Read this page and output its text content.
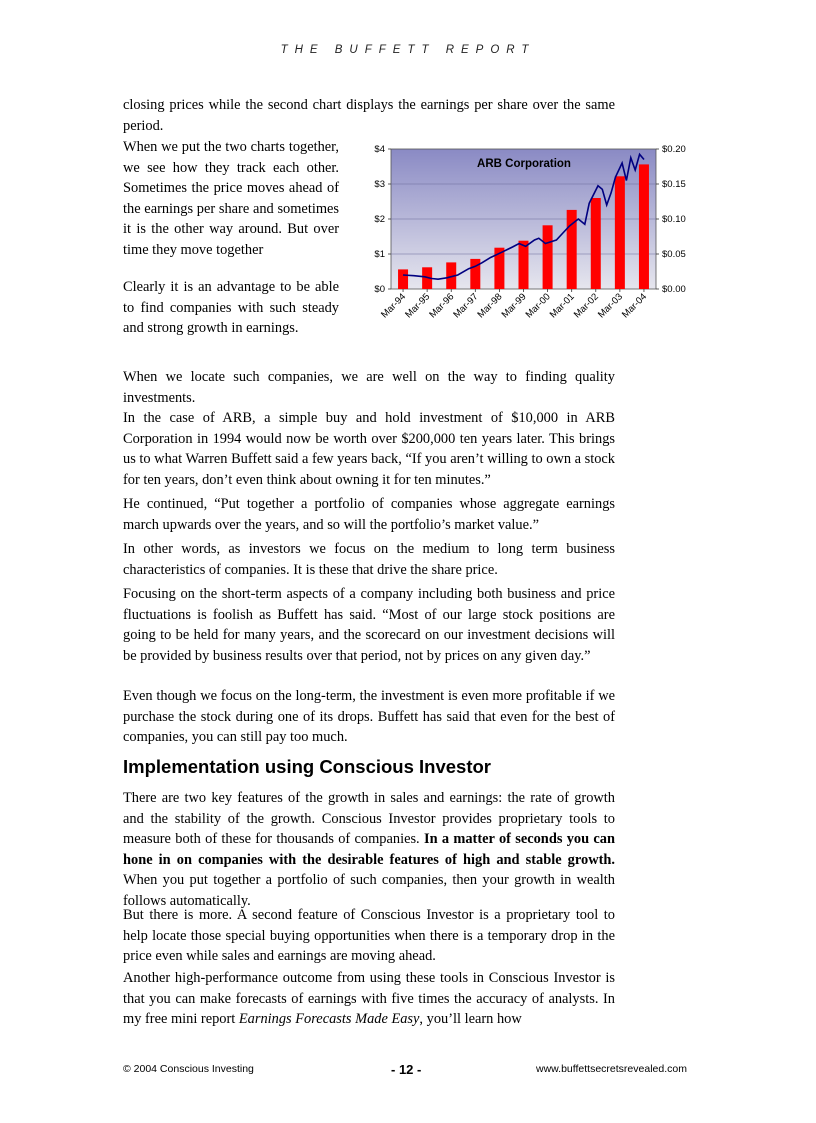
THE BUFFETT REPORT

closing prices while the second chart displays the earnings per share over the same period.

When we put the two charts together, we see how they track each other. Sometimes the price moves ahead of the earnings per share and sometimes it is the other way around. But over time they move together

Clearly it is an advantage to be able to find companies with such steady and strong growth in earnings.

ARB Corporation
$0
$1
$2
$3
$4
$0.00
$0.05
$0.10
$0.15
$0.20
Mar-94
Mar-95
Mar-96
Mar-97
Mar-98
Mar-99
Mar-00
Mar-01
Mar-02
Mar-03
Mar-04

When we locate such companies, we are well on the way to finding quality investments.

In the case of ARB, a simple buy and hold investment of $10,000 in ARB Corporation in 1994 would now be worth over $200,000 ten years later. This brings us to what Warren Buffett said a few years back, “If you aren’t willing to own a stock for ten years, don’t even think about owning it for ten minutes.”

He continued, “Put together a portfolio of companies whose aggregate earnings march upwards over the years, and so will the portfolio’s market value.”

In other words, as investors we focus on the medium to long term business characteristics of companies. It is these that drive the share price.

Focusing on the short-term aspects of a company including both business and price fluctuations is foolish as Buffett has said. “Most of our large stock positions are going to be held for many years, and the scorecard on our investment decisions will be provided by business results over that period, not by prices on any given day.”

Even though we focus on the long-term, the investment is even more profitable if we purchase the stock during one of its drops. Buffett has said that even for the best of companies, you can still pay too much.

Implementation using Conscious Investor

There are two key features of the growth in sales and earnings: the rate of growth and the stability of the growth. Conscious Investor provides proprietary tools to measure both of these for thousands of companies. In a matter of seconds you can hone in on companies with the desirable features of high and stable growth. When you put together a portfolio of such companies, then your growth in wealth follows automatically.

But there is more. A second feature of Conscious Investor is a proprietary tool to help locate those special buying opportunities when there is a temporary drop in the price even while sales and earnings are moving ahead.

Another high-performance outcome from using these tools in Conscious Investor is that you can make forecasts of earnings with five times the accuracy of analysts. In my free mini report Earnings Forecasts Made Easy, you’ll learn how

© 2004 Conscious Investing	- 12 -	www.buffettsecretsrevealed.com
